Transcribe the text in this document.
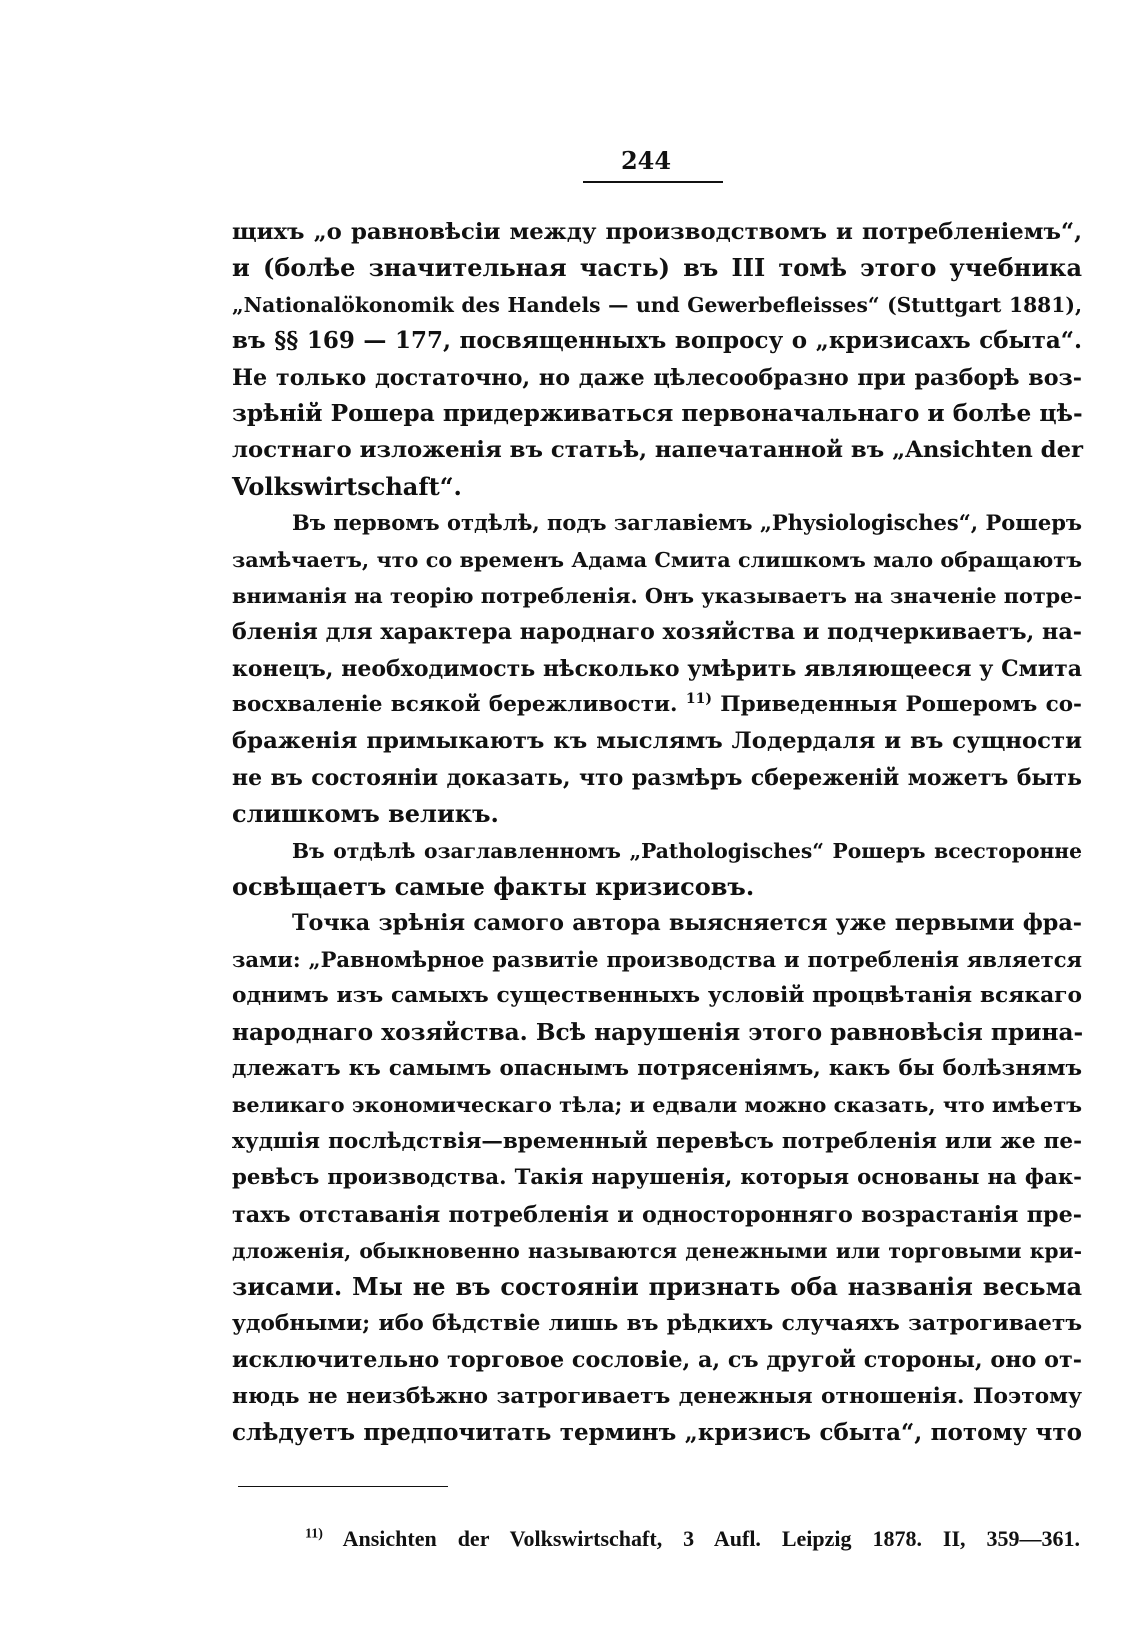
244

щихъ „о равновѣсіи между производствомъ и потребленіемъ“,
и (болѣе значительная часть) въ III томѣ этого учебника
„Nationalökonomik des Handels — und Gewerbefleisses“ (Stuttgart 1881),
въ §§ 169 — 177, посвященныхъ вопросу о „кризисахъ сбыта“.
Не только достаточно, но даже цѣлесообразно при разборѣ воз-
зрѣній Рошера придерживаться первоначальнаго и болѣе цѣ-
лостнаго изложенія въ статьѣ, напечатанной въ „Ansichten der
Volkswirtschaft“.

Въ первомъ отдѣлѣ, подъ заглавіемъ „Physiologisches“, Рошеръ
замѣчаетъ, что со временъ Адама Смита слишкомъ мало обращаютъ
вниманія на теорію потребленія. Онъ указываетъ на значеніе потре-
бленія для характера народнаго хозяйства и подчеркиваетъ, на-
конецъ, необходимость нѣсколько умѣрить являющееся у Смита
восхваленіе всякой бережливости. $^{11)}$ Приведенныя Рошеромъ со-
браженія примыкаютъ къ мыслямъ Лодердаля и въ сущности
не въ состояніи доказать, что размѣръ сбереженій можетъ быть
слишкомъ великъ.

Въ отдѣлѣ озаглавленномъ „Pathologisches“ Рошеръ всесторонне
освѣщаетъ самые факты кризисовъ.

Точка зрѣнія самого автора выясняется уже первыми фра-
зами: „Равномѣрное развитіе производства и потребленія является
однимъ изъ самыхъ существенныхъ условій процвѣтанія всякаго
народнаго хозяйства. Всѣ нарушенія этого равновѣсія прина-
длежатъ къ самымъ опаснымъ потрясеніямъ, какъ бы болѣзнямъ
великаго экономическаго тѣла; и едвали можно сказать, что имѣетъ
худшія послѣдствія—временный перевѣсъ потребленія или же пе-
ревѣсъ производства. Такія нарушенія, которыя основаны на фак-
тахъ отставанія потребленія и односторонняго возрастанія пре-
дложенія, обыкновенно называются денежными или торговыми кри-
зисами. Мы не въ состояніи признать оба названія весьма
удобными; ибо бѣдствіе лишь въ рѣдкихъ случаяхъ затрогиваетъ
исключительно торговое сословіе, а, съ другой стороны, оно от-
нюдь не неизбѣжно затрогиваетъ денежныя отношенія. Поэтому
слѣдуетъ предпочитать терминъ „кризисъ сбыта“, потому что

$^{11)}$ Ansichten der Volkswirtschaft, 3 Aufl. Leipzig 1878. II, 359—361.
